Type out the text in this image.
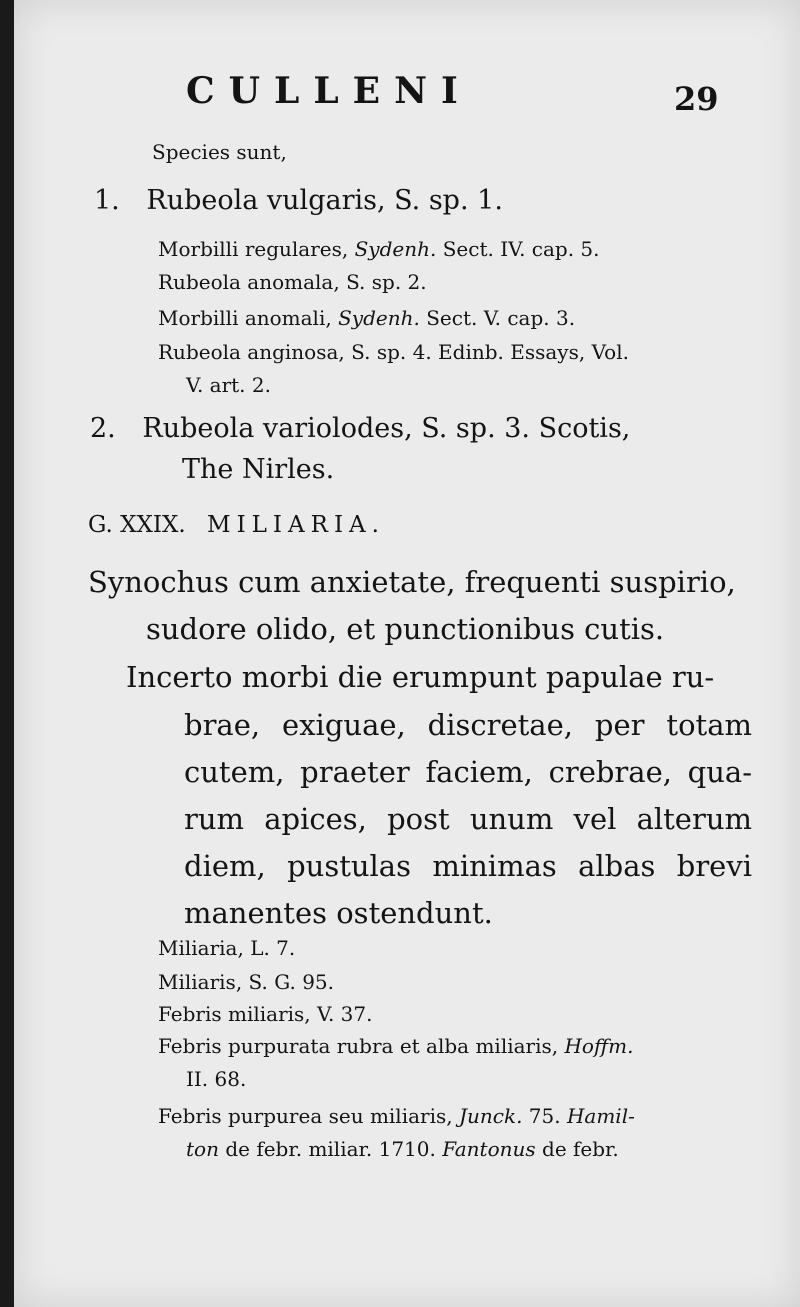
CULLENI	29
Species sunt,
1. Rubeola vulgaris, S. sp. 1.
Morbilli regulares, Sydenh. Sect. IV. cap. 5.
Rubeola anomala, S. sp. 2.
Morbilli anomali, Sydenh. Sect. V. cap. 3.
Rubeola anginosa, S. sp. 4. Edinb. Essays, Vol.
V. art. 2.
2. Rubeola variolodes, S. sp. 3. Scotis,
The Nirles.
G. XXIX. MILIARIA.
Synochus cum anxietate, frequenti suspirio,
sudore olido, et punctionibus cutis.
Incerto morbi die erumpunt papulae ru-
brae, exiguae, discretae, per totam
cutem, praeter faciem, crebrae, qua-
rum apices, post unum vel alterum
diem, pustulas minimas albas brevi
manentes ostendunt.
Miliaria, L. 7.
Miliaris, S. G. 95.
Febris miliaris, V. 37.
Febris purpurata rubra et alba miliaris, Hoffm.
II. 68.
Febris purpurea seu miliaris, Junck. 75. Hamil-
ton de febr. miliar. 1710. Fantonus de febr.
